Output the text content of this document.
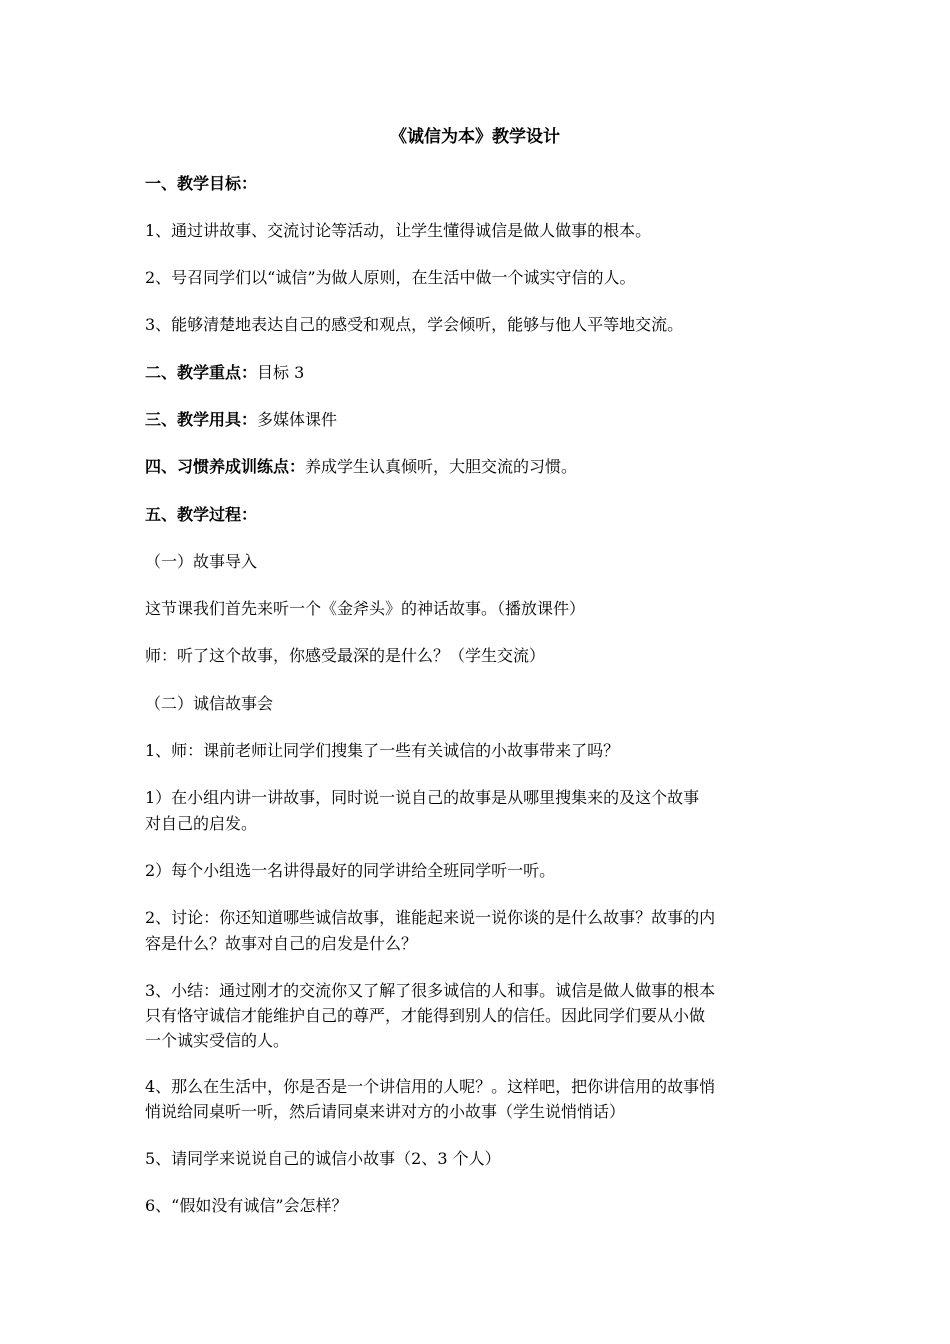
《诚信为本》教学设计

一、教学目标：

1、通过讲故事、交流讨论等活动，让学生懂得诚信是做人做事的根本。

2、号召同学们以“诚信”为做人原则，在生活中做一个诚实守信的人。

3、能够清楚地表达自己的感受和观点，学会倾听，能够与他人平等地交流。

二、教学重点：目标 3

三、教学用具：多媒体课件

四、习惯养成训练点：养成学生认真倾听，大胆交流的习惯。

五、教学过程：

（一）故事导入

这节课我们首先来听一个《金斧头》的神话故事。（播放课件）

师：听了这个故事，你感受最深的是什么？（学生交流）

（二）诚信故事会

1、师：课前老师让同学们搜集了一些有关诚信的小故事带来了吗？

1）在小组内讲一讲故事，同时说一说自己的故事是从哪里搜集来的及这个故事

对自己的启发。

2）每个小组选一名讲得最好的同学讲给全班同学听一听。

2、讨论：你还知道哪些诚信故事，谁能起来说一说你谈的是什么故事？故事的内

容是什么？故事对自己的启发是什么？

3、小结：通过刚才的交流你又了解了很多诚信的人和事。诚信是做人做事的根本

只有恪守诚信才能维护自己的尊严，才能得到别人的信任。因此同学们要从小做

一个诚实受信的人。

4、那么在生活中，你是否是一个讲信用的人呢？。这样吧，把你讲信用的故事悄

悄说给同桌听一听，然后请同桌来讲对方的小故事（学生说悄悄话）

5、请同学来说说自己的诚信小故事（2、3 个人）

6、“假如没有诚信”会怎样？
